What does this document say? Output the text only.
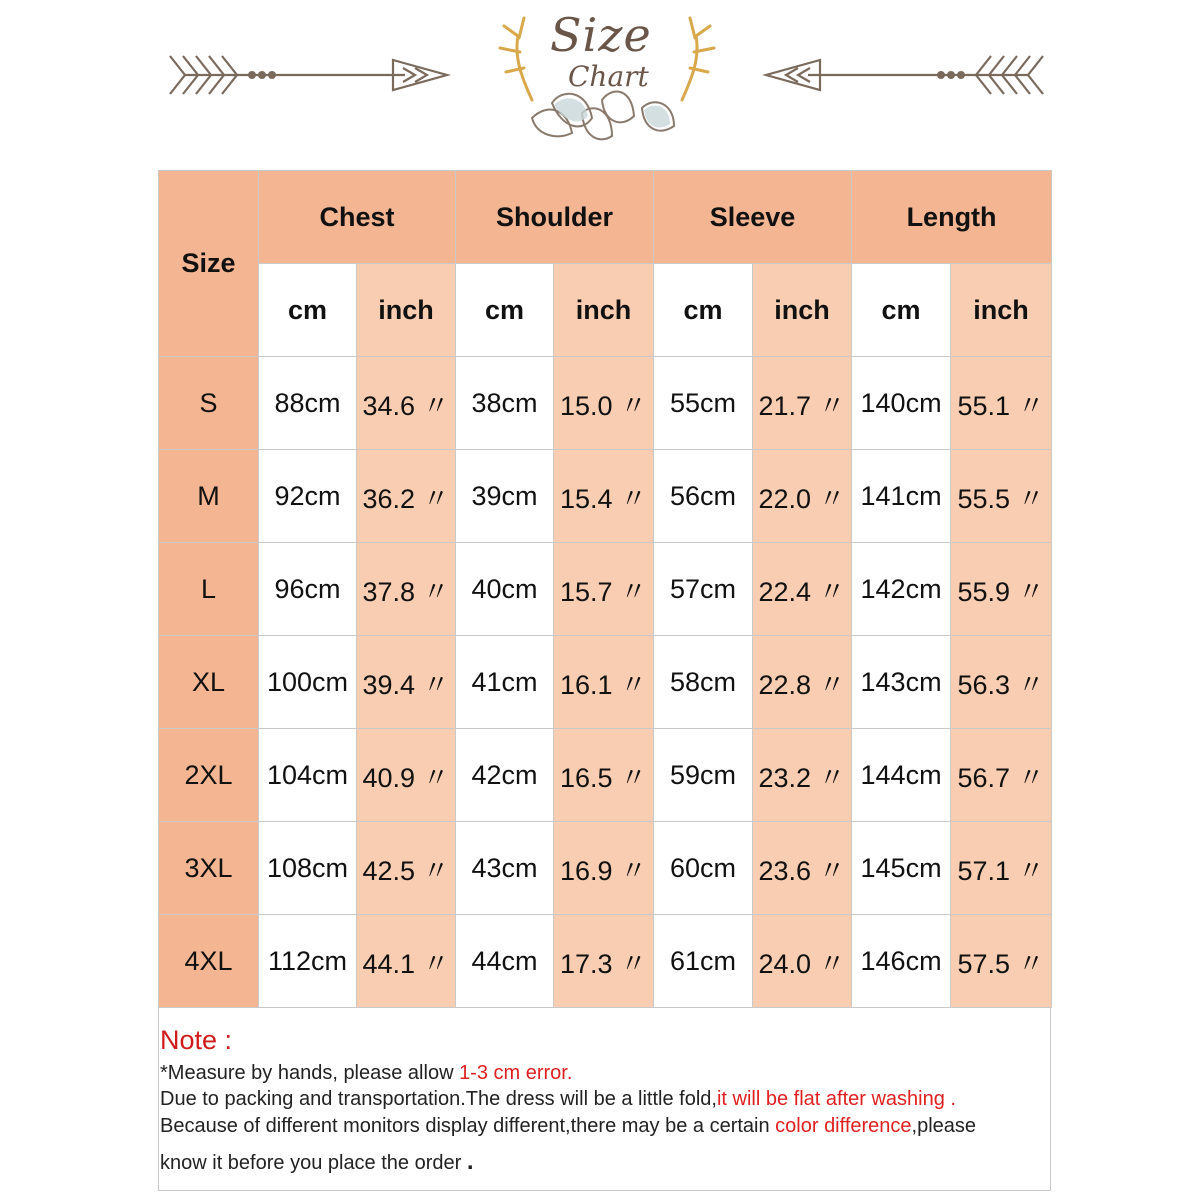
Size
Chart
Size	Chest		Shoulder		Sleeve		Length	
	cm	inch	cm	inch	cm	inch	cm	inch
S	88cm	34.6 〃	38cm	15.0 〃	55cm	21.7 〃	140cm	55.1 〃
M	92cm	36.2 〃	39cm	15.4 〃	56cm	22.0 〃	141cm	55.5 〃
L	96cm	37.8 〃	40cm	15.7 〃	57cm	22.4 〃	142cm	55.9 〃
XL	100cm	39.4 〃	41cm	16.1 〃	58cm	22.8 〃	143cm	56.3 〃
2XL	104cm	40.9 〃	42cm	16.5 〃	59cm	23.2 〃	144cm	56.7 〃
3XL	108cm	42.5 〃	43cm	16.9 〃	60cm	23.6 〃	145cm	57.1 〃
4XL	112cm	44.1 〃	44cm	17.3 〃	61cm	24.0 〃	146cm	57.5 〃
Note :
*Measure by hands, please allow 1-3 cm error.
Due to packing and transportation.The dress will be a little fold,it will be flat after washing .
Because of different monitors display different,there may be a certain color difference,please
know it before you place the order .
